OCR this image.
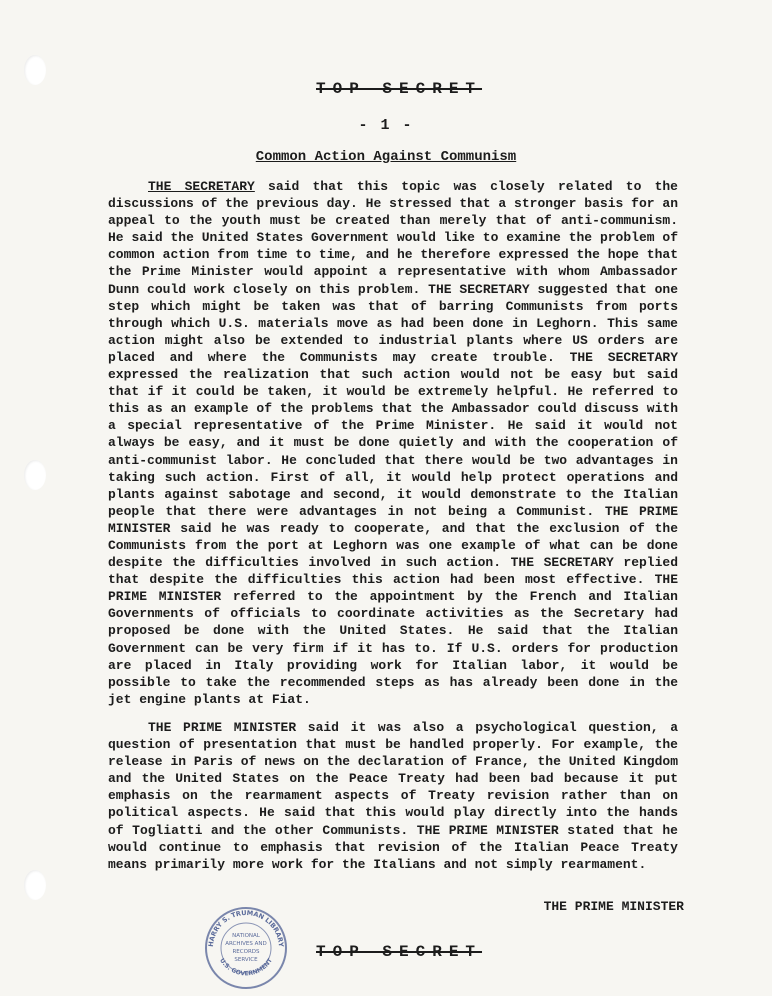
TOP SECRET
- 1 -
Common Action Against Communism
THE SECRETARY said that this topic was closely related to the discussions of the previous day. He stressed that a stronger basis for an appeal to the youth must be created than merely that of anti-communism. He said the United States Government would like to examine the problem of common action from time to time, and he therefore expressed the hope that the Prime Minister would appoint a representative with whom Ambassador Dunn could work closely on this problem. THE SECRETARY suggested that one step which might be taken was that of barring Communists from ports through which U.S. materials move as had been done in Leghorn. This same action might also be extended to industrial plants where US orders are placed and where the Communists may create trouble. THE SECRETARY expressed the realization that such action would not be easy but said that if it could be taken, it would be extremely helpful. He referred to this as an example of the problems that the Ambassador could discuss with a special representative of the Prime Minister. He said it would not always be easy, and it must be done quietly and with the cooperation of anti-communist labor. He concluded that there would be two advantages in taking such action. First of all, it would help protect operations and plants against sabotage and second, it would demonstrate to the Italian people that there were advantages in not being a Communist. THE PRIME MINISTER said he was ready to cooperate, and that the exclusion of the Communists from the port at Leghorn was one example of what can be done despite the difficulties involved in such action. THE SECRETARY replied that despite the difficulties this action had been most effective. THE PRIME MINISTER referred to the appointment by the French and Italian Governments of officials to coordinate activities as the Secretary had proposed be done with the United States. He said that the Italian Government can be very firm if it has to. If U.S. orders for production are placed in Italy providing work for Italian labor, it would be possible to take the recommended steps as has already been done in the jet engine plants at Fiat.
THE PRIME MINISTER said it was also a psychological question, a question of presentation that must be handled properly. For example, the release in Paris of news on the declaration of France, the United Kingdom and the United States on the Peace Treaty had been bad because it put emphasis on the rearmament aspects of Treaty revision rather than on political aspects. He said that this would play directly into the hands of Togliatti and the other Communists. THE PRIME MINISTER stated that he would continue to emphasis that revision of the Italian Peace Treaty means primarily more work for the Italians and not simply rearmament.
THE PRIME MINISTER
TOP SECRET
HARRY S. TRUMAN LIBRARY
NATIONAL
ARCHIVES AND
RECORDS
SERVICE
U.S. GOVERNMENT
